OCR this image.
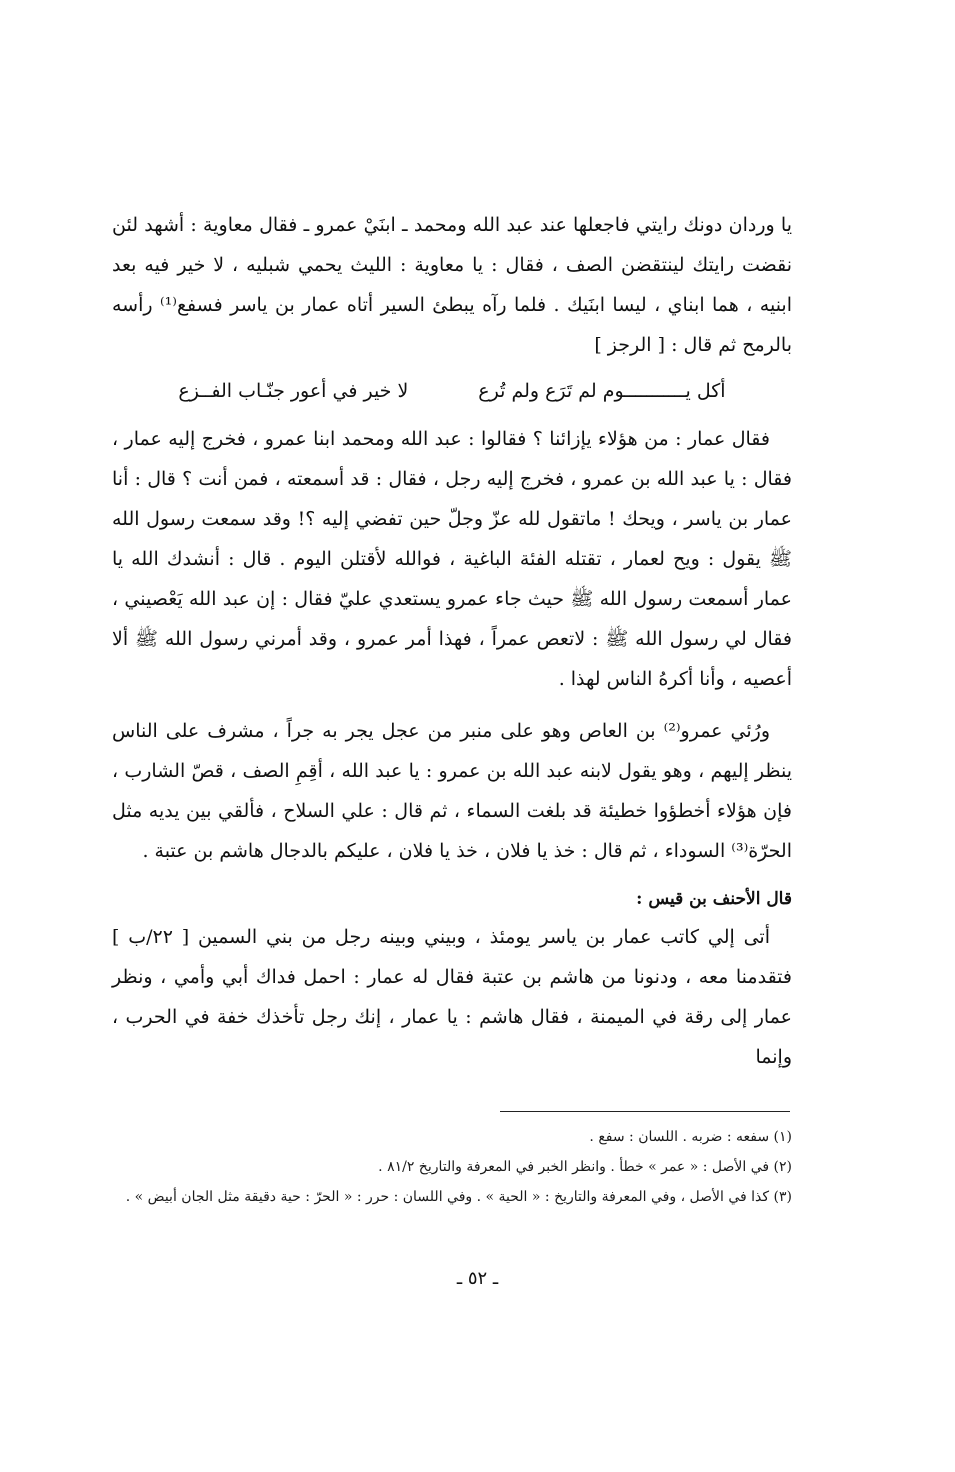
يا وردان دونك رايتي فاجعلها عند عبد الله ومحمد ـ ابنَيْ عمرو ـ فقال معاوية : أشهد لئن نقضت رايتك لينتقضن الصف ، فقال : يا معاوية : الليث يحمي شبليه ، لا خير فيه بعد ابنيه ، هما ابناي ، ليسا ابنَيك . فلما رآه يبطئ السير أتاه عمار بن ياسر فسفع⁽¹⁾ رأسه بالرمح ثم قال : [ الرجز ]

أكل يـــــــــــوم لم تَرَع ولم تُرع
لا خير في أعور جنّـاب الفــزع

فقال عمار : من هؤلاء يإزائنا ؟ فقالوا : عبد الله ومحمد ابنا عمرو ، فخرج إليه عمار ، فقال : يا عبد الله بن عمرو ، فخرج إليه رجل ، فقال : قد أسمعته ، فمن أنت ؟ قال : أنا عمار بن ياسر ، ويحك ! ماتقول لله عزّ وجلّ حين تفضي إليه ؟! وقد سمعت رسول الله ﷺ يقول : ويح لعمار ، تقتله الفئة الباغية ، فوالله لأقتلن اليوم . قال : أنشدك الله يا عمار أسمعت رسول الله ﷺ حيث جاء عمرو يستعدي عليّ فقال : إن عبد الله يَعْصيني ، فقال لي رسول الله ﷺ : لاتعص عمراً ، فهذا أمر عمرو ، وقد أمرني رسول الله ﷺ ألا أعصيه ، وأنا أكرهُ الناس لهذا .

ورُئي عمرو⁽²⁾ بن العاص وهو على منبر من عجل يجر به جراً ، مشرف على الناس ينظر إليهم ، وهو يقول لابنه عبد الله بن عمرو : يا عبد الله ، أقِمِ الصف ، قصّ الشارب ، فإن هؤلاء أخطؤوا خطيئة قد بلغت السماء ، ثم قال : علي السلاح ، فألقي بين يديه مثل الحرّة⁽³⁾ السوداء ، ثم قال : خذ يا فلان ، خذ يا فلان ، عليكم بالدجال هاشم بن عتبة .

قال الأحنف بن قيس :

أتى إلي كاتب عمار بن ياسر يومئذ ، وبيني وبينه رجل من بني السمين [ ٢٢/ب ] فتقدمنا معه ، ودنونا من هاشم بن عتبة فقال له عمار : احمل فداك أبي وأمي ، ونظر عمار إلى رقة في الميمنة ، فقال هاشم : يا عمار ، إنك رجل تأخذك خفة في الحرب ، وإنما

(١) سفعه : ضربه . اللسان : سفع .

(٢) في الأصل : « عمر » خطأ . وانظر الخبر في المعرفة والتاريخ ٨١/٢ .

(٣) كذا في الأصل ، وفي المعرفة والتاريخ : « الحية » . وفي اللسان : حرر : « الحرّ : حية دقيقة مثل الجان أبيض » .

ـ ٥٢ ـ
